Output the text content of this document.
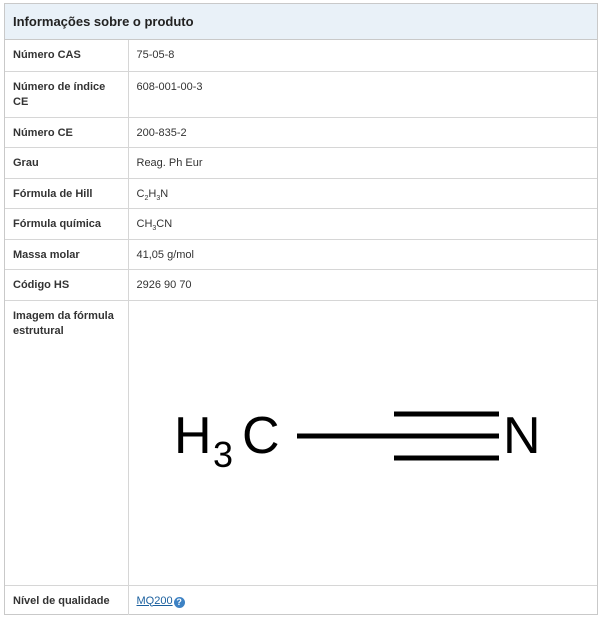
Informações sobre o produto
Número CAS	75-05-8
Número de índice CE	608-001-00-3
Número CE	200-835-2
Grau	Reag. Ph Eur
Fórmula de Hill	$C_2H_3N$
Fórmula química	$CH_3CN$
Massa molar	41,05 g/mol
Código HS	2926 90 70
Imagem da fórmula estrutural	H 3 C N

Nível de qualidade	MQ200 ?
